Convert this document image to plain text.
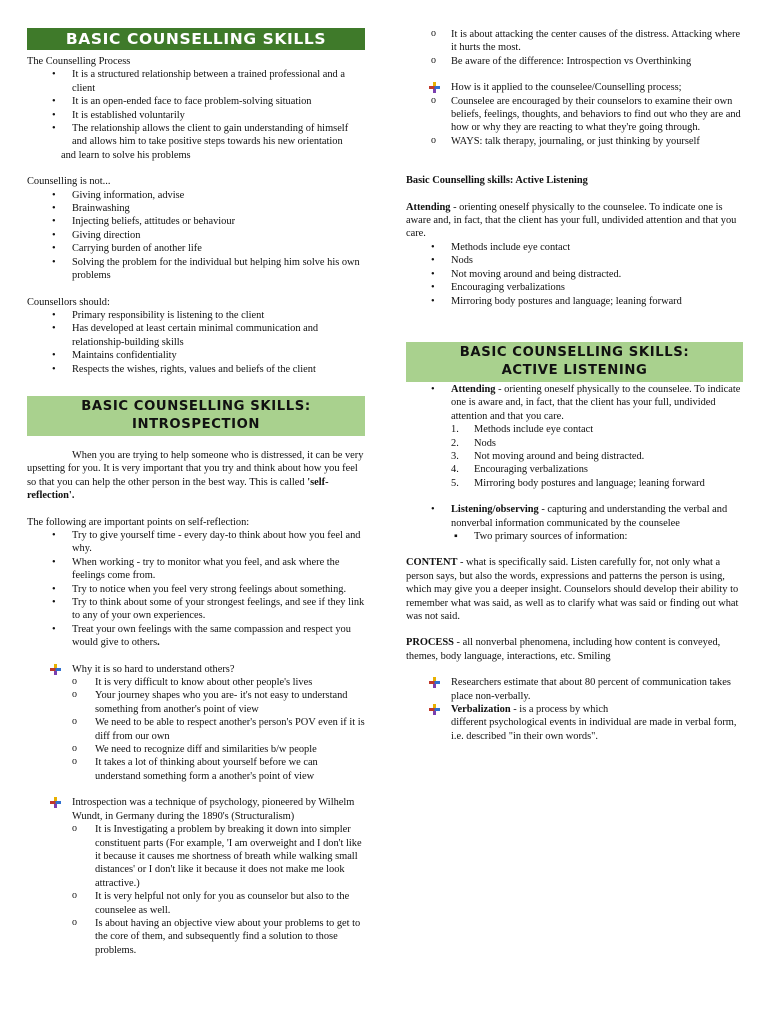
BASIC COUNSELLING SKILLS

The Counselling Process

• It is a structured relationship between a trained professional and a client
• It is an open-ended face to face problem-solving situation
• It is established voluntarily
• The relationship allows the client to gain understanding of himself and allows him to take positive steps towards his new orientation

and learn to solve his problems

Counselling is not...

• Giving information, advise
• Brainwashing
• Injecting beliefs, attitudes or behaviour
• Giving direction
• Carrying burden of another life
• Solving the problem for the individual but helping him solve his own problems

Counsellors should:

• Primary responsibility is listening to the client
• Has developed at least certain minimal communication and relationship-building skills
• Maintains confidentiality
• Respects the wishes, rights, values and beliefs of the client
BASIC COUNSELLING SKILLS:
INTROSPECTION

When you are trying to help someone who is distressed, it can be very upsetting for you. It is very important that you try and think about how you feel so that you can help the other person in the best way. This is called 'self-reflection'.

The following are important points on self-reflection:

• Try to give yourself time - every day-to think about how you feel and why.
• When working - try to monitor what you feel, and ask where the feelings come from.
• Try to notice when you feel very strong feelings about something.
• Try to think about some of your strongest feelings, and see if they link to any of your own experiences.
• Treat your own feelings with the same compassion and respect you would give to others.
Why it is so hard to understand others?
o It is very difficult to know about other people's lives
o Your journey shapes who you are- it's not easy to understand something from another's point of view
o We need to be able to respect another's person's POV even if it is diff from our own
o We need to recognize diff and similarities b/w people
o It takes a lot of thinking about yourself before we can understand something form a another's point of view
Introspection was a technique of psychology, pioneered by Wilhelm Wundt, in Germany during the 1890's (Structuralism)
o It is Investigating a problem by breaking it down into simpler constituent parts (For example, 'I am overweight and I don't like it because it causes me shortness of breath while walking small distances' or I don't like it because it does not make me look attractive.)
o It is very helpful not only for you as counselor but also to the counselee as well.
o Is about having an objective view about your problems to get to the core of them, and subsequently find a solution to those problems.
o It is about attacking the center causes of the distress. Attacking where it hurts the most.
o Be aware of the difference: Introspection vs Overthinking
How is it applied to the counselee/Counselling process;
o Counselee are encouraged by their counselors to examine their own beliefs, feelings, thoughts, and behaviors to find out who they are and how or why they are reacting to what they're going through.
o WAYS: talk therapy, journaling, or just thinking by yourself

Basic Counselling skills: Active Listening

Attending - orienting oneself physically to the counselee. To indicate one is aware and, in fact, that the client has your full, undivided attention and that you care.

• Methods include eye contact
• Nods
• Not moving around and being distracted.
• Encouraging verbalizations
• Mirroring body postures and language; leaning forward
BASIC COUNSELLING SKILLS:
ACTIVE LISTENING
• Attending - orienting oneself physically to the counselee. To indicate one is aware and, in fact, that the client has your full, undivided attention and that you care.
1. Methods include eye contact
2. Nods
3. Not moving around and being distracted.
4. Encouraging verbalizations
5. Mirroring body postures and language; leaning forward
• Listening/observing - capturing and understanding the verbal and nonverbal information communicated by the counselee
▪ Two primary sources of information:

CONTENT - what is specifically said. Listen carefully for, not only what a person says, but also the words, expressions and patterns the person is using, which may give you a deeper insight. Counselors should develop their ability to remember what was said, as well as to clarify what was said or finding out what was not said.

PROCESS - all nonverbal phenomena, including how content is conveyed, themes, body language, interactions, etc. Smiling

Researchers estimate that about 80 percent of communication takes place non-verbally.
Verbalization - is a process by which

different psychological events in individual are made in verbal form, i.e. described "in their own words".
